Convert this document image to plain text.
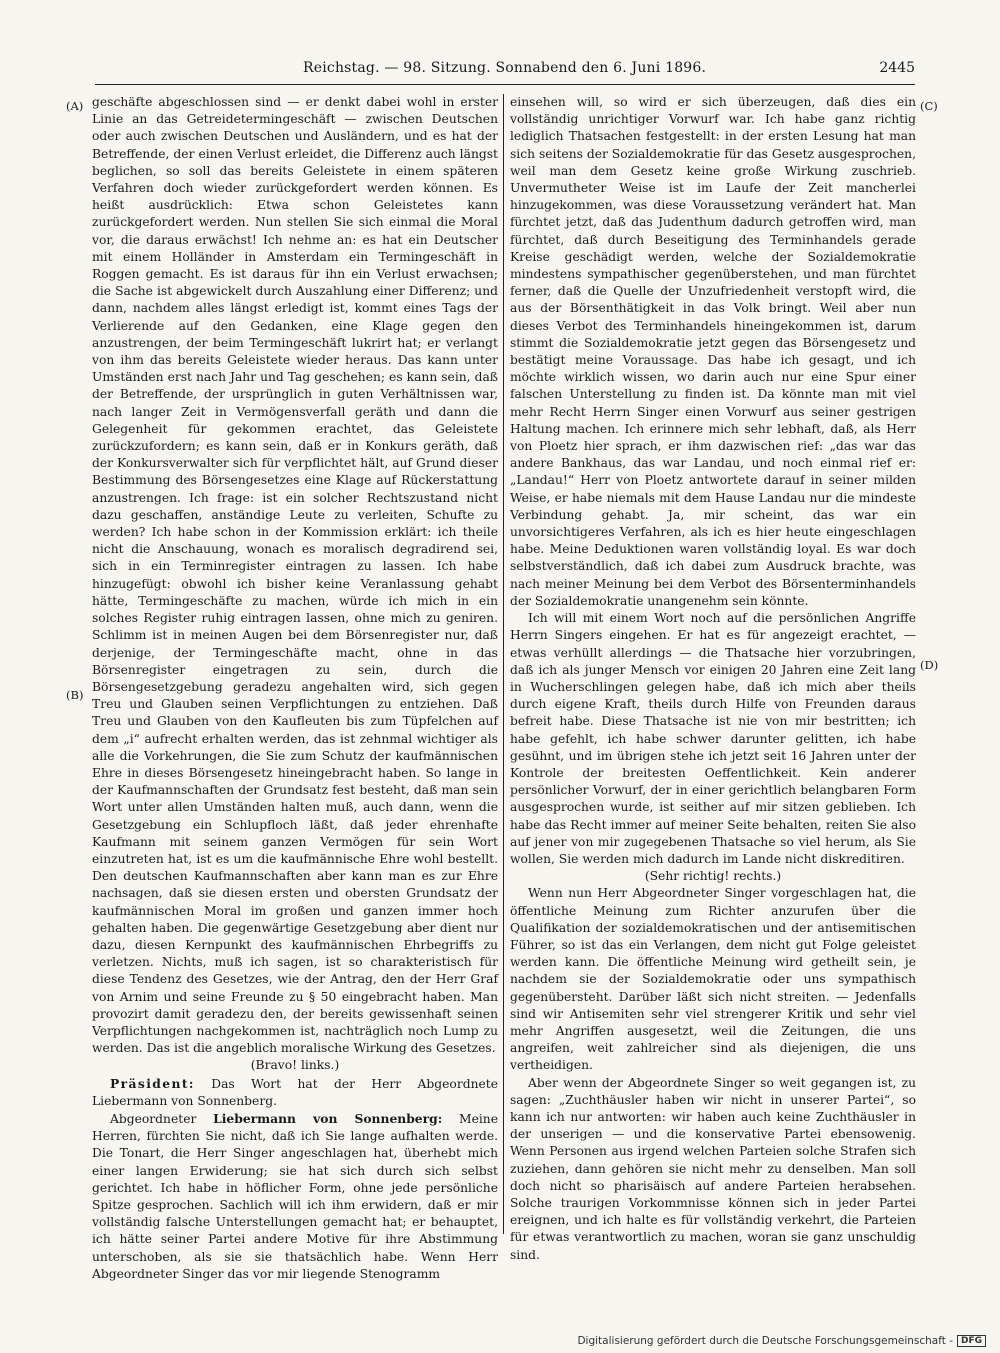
Reichstag. — 98. Sitzung. Sonnabend den 6. Juni 1896.	2445
(A)
(B)
(C)
(D)

geschäfte abgeschlossen sind — er denkt dabei wohl in erster Linie an das Getreidetermingeschäft — zwischen Deutschen oder auch zwischen Deutschen und Ausländern, und es hat der Betreffende, der einen Verlust erleidet, die Differenz auch längst beglichen, so soll das bereits Geleistete in einem späteren Verfahren doch wieder zurückgefordert werden können. Es heißt ausdrücklich: Etwa schon Geleistetes kann zurückgefordert werden. Nun stellen Sie sich einmal die Moral vor, die daraus erwächst! Ich nehme an: es hat ein Deutscher mit einem Holländer in Amsterdam ein Termingeschäft in Roggen gemacht. Es ist daraus für ihn ein Verlust erwachsen; die Sache ist abgewickelt durch Auszahlung einer Differenz; und dann, nachdem alles längst erledigt ist, kommt eines Tags der Verlierende auf den Gedanken, eine Klage gegen den anzustrengen, der beim Termingeschäft lukrirt hat; er verlangt von ihm das bereits Geleistete wieder heraus. Das kann unter Umständen erst nach Jahr und Tag geschehen; es kann sein, daß der Betreffende, der ursprünglich in guten Verhältnissen war, nach langer Zeit in Vermögensverfall geräth und dann die Gelegenheit für gekommen erachtet, das Geleistete zurückzufordern; es kann sein, daß er in Konkurs geräth, daß der Konkursverwalter sich für verpflichtet hält, auf Grund dieser Bestimmung des Börsengesetzes eine Klage auf Rückerstattung anzustrengen. Ich frage: ist ein solcher Rechtszustand nicht dazu geschaffen, anständige Leute zu verleiten, Schufte zu werden? Ich habe schon in der Kommission erklärt: ich theile nicht die Anschauung, wonach es moralisch degradirend sei, sich in ein Terminregister eintragen zu lassen. Ich habe hinzugefügt: obwohl ich bisher keine Veranlassung gehabt hätte, Termingeschäfte zu machen, würde ich mich in ein solches Register ruhig eintragen lassen, ohne mich zu geniren. Schlimm ist in meinen Augen bei dem Börsenregister nur, daß derjenige, der Termingeschäfte macht, ohne in das Börsenregister eingetragen zu sein, durch die Börsengesetzgebung geradezu angehalten wird, sich gegen Treu und Glauben seinen Verpflichtungen zu entziehen. Daß Treu und Glauben von den Kaufleuten bis zum Tüpfelchen auf dem „i“ aufrecht erhalten werden, das ist zehnmal wichtiger als alle die Vorkehrungen, die Sie zum Schutz der kaufmännischen Ehre in dieses Börsengesetz hineingebracht haben. So lange in der Kaufmannschaften der Grundsatz fest besteht, daß man sein Wort unter allen Umständen halten muß, auch dann, wenn die Gesetzgebung ein Schlupfloch läßt, daß jeder ehrenhafte Kaufmann mit seinem ganzen Vermögen für sein Wort einzutreten hat, ist es um die kaufmännische Ehre wohl bestellt. Den deutschen Kaufmannschaften aber kann man es zur Ehre nachsagen, daß sie diesen ersten und obersten Grundsatz der kaufmännischen Moral im großen und ganzen immer hoch gehalten haben. Die gegenwärtige Gesetzgebung aber dient nur dazu, diesen Kernpunkt des kaufmännischen Ehrbegriffs zu verletzen. Nichts, muß ich sagen, ist so charakteristisch für diese Tendenz des Gesetzes, wie der Antrag, den der Herr Graf von Arnim und seine Freunde zu § 50 eingebracht haben. Man provozirt damit geradezu den, der bereits gewissenhaft seinen Verpflichtungen nachgekommen ist, nachträglich noch Lump zu werden. Das ist die angeblich moralische Wirkung des Gesetzes.

(Bravo! links.)

Präsident: Das Wort hat der Herr Abgeordnete Liebermann von Sonnenberg.

Abgeordneter Liebermann von Sonnenberg: Meine Herren, fürchten Sie nicht, daß ich Sie lange aufhalten werde. Die Tonart, die Herr Singer angeschlagen hat, überhebt mich einer langen Erwiderung; sie hat sich durch sich selbst gerichtet. Ich habe in höflicher Form, ohne jede persönliche Spitze gesprochen. Sachlich will ich ihm erwidern, daß er mir vollständig falsche Unterstellungen gemacht hat; er behauptet, ich hätte seiner Partei andere Motive für ihre Abstimmung unterschoben, als sie sie thatsächlich habe. Wenn Herr Abgeordneter Singer das vor mir liegende Stenogramm

einsehen will, so wird er sich überzeugen, daß dies ein vollständig unrichtiger Vorwurf war. Ich habe ganz richtig lediglich Thatsachen festgestellt: in der ersten Lesung hat man sich seitens der Sozialdemokratie für das Gesetz ausgesprochen, weil man dem Gesetz keine große Wirkung zuschrieb. Unvermutheter Weise ist im Laufe der Zeit mancherlei hinzugekommen, was diese Voraussetzung verändert hat. Man fürchtet jetzt, daß das Judenthum dadurch getroffen wird, man fürchtet, daß durch Beseitigung des Terminhandels gerade Kreise geschädigt werden, welche der Sozialdemokratie mindestens sympathischer gegenüberstehen, und man fürchtet ferner, daß die Quelle der Unzufriedenheit verstopft wird, die aus der Börsenthätigkeit in das Volk bringt. Weil aber nun dieses Verbot des Terminhandels hineingekommen ist, darum stimmt die Sozialdemokratie jetzt gegen das Börsengesetz und bestätigt meine Voraussage. Das habe ich gesagt, und ich möchte wirklich wissen, wo darin auch nur eine Spur einer falschen Unterstellung zu finden ist. Da könnte man mit viel mehr Recht Herrn Singer einen Vorwurf aus seiner gestrigen Haltung machen. Ich erinnere mich sehr lebhaft, daß, als Herr von Ploetz hier sprach, er ihm dazwischen rief: „das war das andere Bankhaus, das war Landau, und noch einmal rief er: „Landau!“ Herr von Ploetz antwortete darauf in seiner milden Weise, er habe niemals mit dem Hause Landau nur die mindeste Verbindung gehabt. Ja, mir scheint, das war ein unvorsichtigeres Verfahren, als ich es hier heute eingeschlagen habe. Meine Deduktionen waren vollständig loyal. Es war doch selbstverständlich, daß ich dabei zum Ausdruck brachte, was nach meiner Meinung bei dem Verbot des Börsenterminhandels der Sozialdemokratie unangenehm sein könnte.

Ich will mit einem Wort noch auf die persönlichen Angriffe Herrn Singers eingehen. Er hat es für angezeigt erachtet, — etwas verhüllt allerdings — die Thatsache hier vorzubringen, daß ich als junger Mensch vor einigen 20 Jahren eine Zeit lang in Wucherschlingen gelegen habe, daß ich mich aber theils durch eigene Kraft, theils durch Hilfe von Freunden daraus befreit habe. Diese Thatsache ist nie von mir bestritten; ich habe gefehlt, ich habe schwer darunter gelitten, ich habe gesühnt, und im übrigen stehe ich jetzt seit 16 Jahren unter der Kontrole der breitesten Oeffentlichkeit. Kein anderer persönlicher Vorwurf, der in einer gerichtlich belangbaren Form ausgesprochen wurde, ist seither auf mir sitzen geblieben. Ich habe das Recht immer auf meiner Seite behalten, reiten Sie also auf jener von mir zugegebenen Thatsache so viel herum, als Sie wollen, Sie werden mich dadurch im Lande nicht diskreditiren.

(Sehr richtig! rechts.)

Wenn nun Herr Abgeordneter Singer vorgeschlagen hat, die öffentliche Meinung zum Richter anzurufen über die Qualifikation der sozialdemokratischen und der antisemitischen Führer, so ist das ein Verlangen, dem nicht gut Folge geleistet werden kann. Die öffentliche Meinung wird getheilt sein, je nachdem sie der Sozialdemokratie oder uns sympathisch gegenübersteht. Darüber läßt sich nicht streiten. — Jedenfalls sind wir Antisemiten sehr viel strengerer Kritik und sehr viel mehr Angriffen ausgesetzt, weil die Zeitungen, die uns angreifen, weit zahlreicher sind als diejenigen, die uns vertheidigen.

Aber wenn der Abgeordnete Singer so weit gegangen ist, zu sagen: „Zuchthäusler haben wir nicht in unserer Partei“, so kann ich nur antworten: wir haben auch keine Zuchthäusler in der unserigen — und die konservative Partei ebensowenig. Wenn Personen aus irgend welchen Parteien solche Strafen sich zuziehen, dann gehören sie nicht mehr zu denselben. Man soll doch nicht so pharisäisch auf andere Parteien herabsehen. Solche traurigen Vorkommnisse können sich in jeder Partei ereignen, und ich halte es für vollständig verkehrt, die Parteien für etwas verantwortlich zu machen, woran sie ganz unschuldig sind.

Digitalisierung gefördert durch die Deutsche Forschungsgemeinschaft - DFG
